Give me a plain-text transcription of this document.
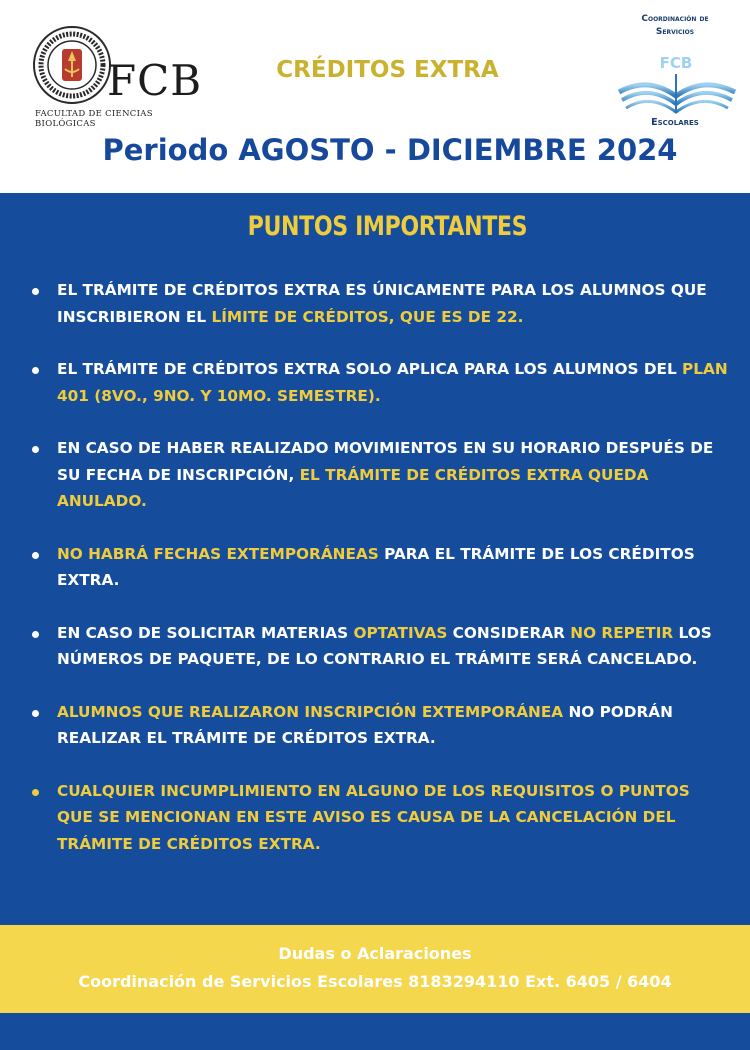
FCB
FACULTAD DE CIENCIAS BIOLÓGICAS
CRÉDITOS EXTRA
Periodo AGOSTO - DICIEMBRE 2024
Coordinación de
Servicios
FCB
Escolares
PUNTOS IMPORTANTES
EL TRÁMITE DE CRÉDITOS EXTRA ES ÚNICAMENTE PARA LOS ALUMNOS QUE INSCRIBIERON EL LÍMITE DE CRÉDITOS, QUE ES DE 22.
EL TRÁMITE DE CRÉDITOS EXTRA SOLO APLICA PARA LOS ALUMNOS DEL PLAN 401 (8VO., 9NO. Y 10MO. SEMESTRE).
EN CASO DE HABER REALIZADO MOVIMIENTOS EN SU HORARIO DESPUÉS DE SU FECHA DE INSCRIPCIÓN, EL TRÁMITE DE CRÉDITOS EXTRA QUEDA ANULADO.
NO HABRÁ FECHAS EXTEMPORÁNEAS PARA EL TRÁMITE DE LOS CRÉDITOS EXTRA.
EN CASO DE SOLICITAR MATERIAS OPTATIVAS CONSIDERAR NO REPETIR LOS NÚMEROS DE PAQUETE, DE LO CONTRARIO EL TRÁMITE SERÁ CANCELADO.
ALUMNOS QUE REALIZARON INSCRIPCIÓN EXTEMPORÁNEA NO PODRÁN REALIZAR EL TRÁMITE DE CRÉDITOS EXTRA.
CUALQUIER INCUMPLIMIENTO EN ALGUNO DE LOS REQUISITOS O PUNTOS QUE SE MENCIONAN EN ESTE AVISO ES CAUSA DE LA CANCELACIÓN DEL TRÁMITE DE CRÉDITOS EXTRA.
Dudas o Aclaraciones
Coordinación de Servicios Escolares 8183294110 Ext. 6405 / 6404
